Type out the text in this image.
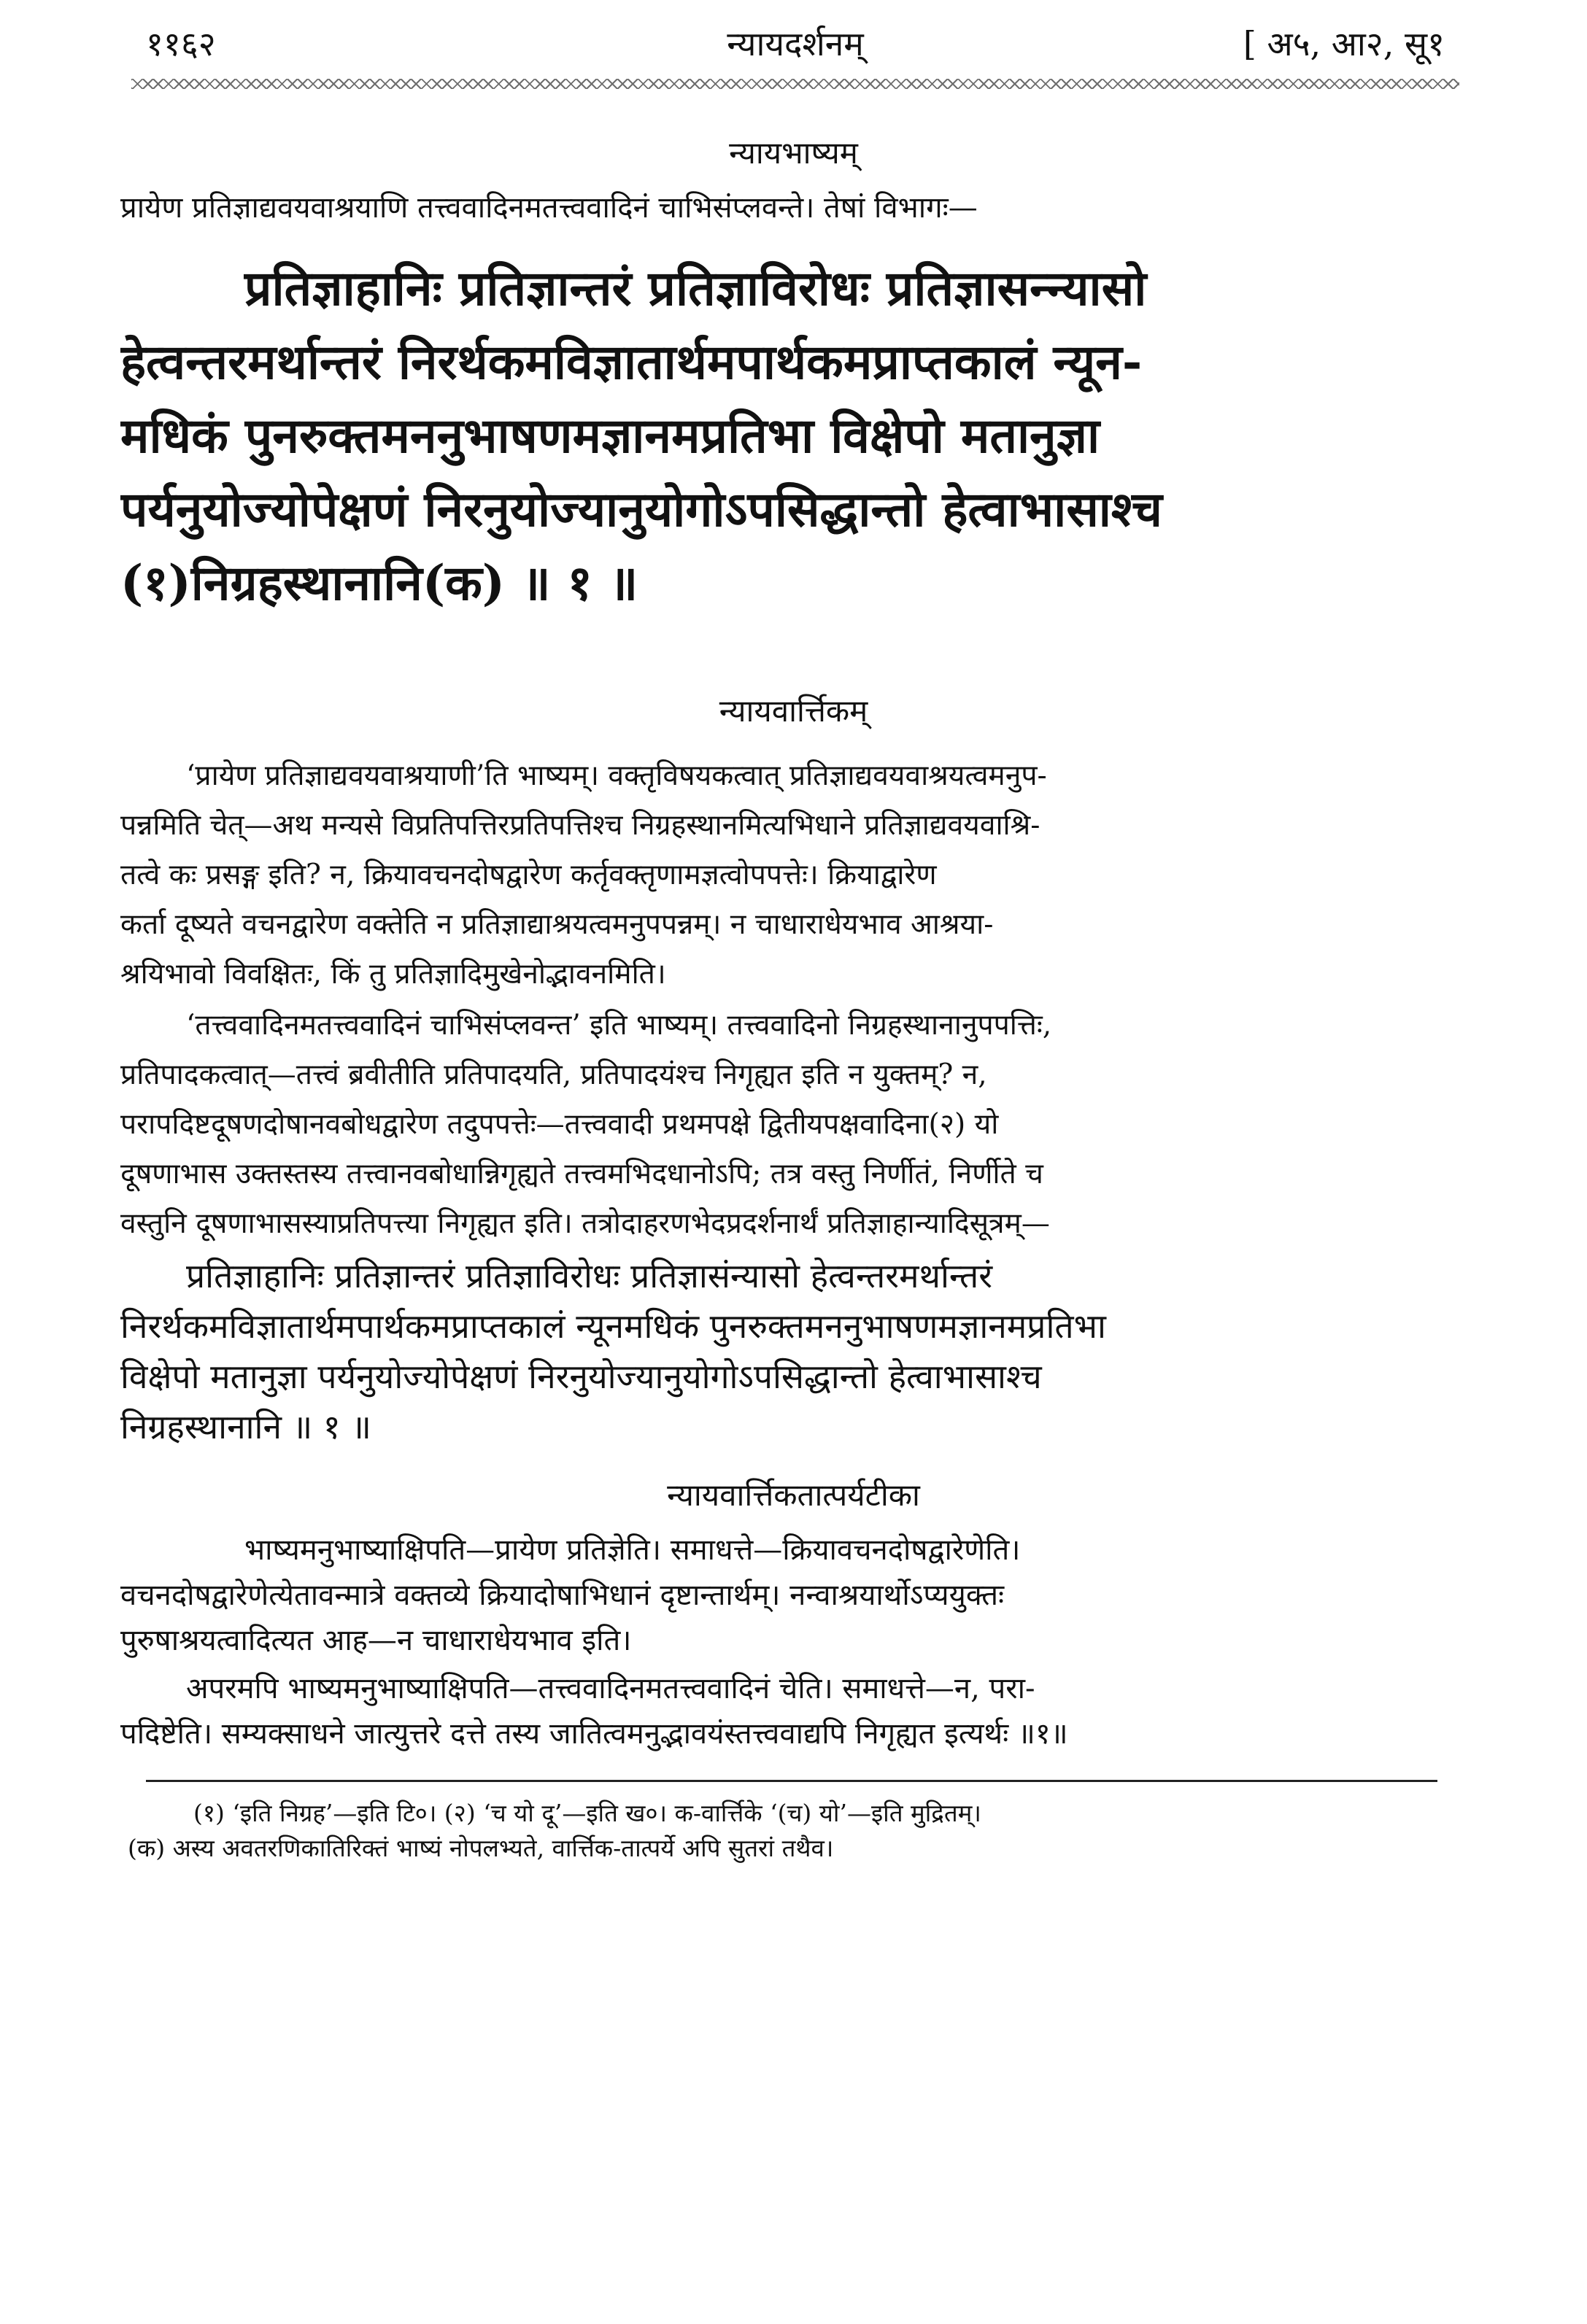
११६२	न्यायदर्शनम्	[ अ५, आ२, सू१
न्यायभाष्यम्

प्रायेण प्रतिज्ञाद्यवयवाश्रयाणि तत्त्ववादिनमतत्त्ववादिनं चाभिसंप्लवन्ते। तेषां विभागः—

प्रतिज्ञाहानिः प्रतिज्ञान्तरं प्रतिज्ञाविरोधः प्रतिज्ञासन्न्यासो

हेत्वन्तरमर्थान्तरं निरर्थकमविज्ञातार्थमपार्थकमप्राप्तकालं न्यून-

मधिकं पुनरुक्तमननुभाषणमज्ञानमप्रतिभा विक्षेपो मतानुज्ञा

पर्यनुयोज्योपेक्षणं निरनुयोज्यानुयोगोऽपसिद्धान्तो हेत्वाभासाश्च

(१)निग्रहस्थानानि(क) ॥ १ ॥

न्यायवार्त्तिकम्

‘प्रायेण प्रतिज्ञाद्यवयवाश्रयाणी’ति भाष्यम्। वक्तृविषयकत्वात् प्रतिज्ञाद्यवयवाश्रयत्वमनुप-

पन्नमिति चेत्—अथ मन्यसे विप्रतिपत्तिरप्रतिपत्तिश्च निग्रहस्थानमित्यभिधाने प्रतिज्ञाद्यवयवाश्रि-

तत्वे कः प्रसङ्ग इति? न, क्रियावचनदोषद्वारेण कर्तृवक्तृणामज्ञत्वोपपत्तेः। क्रियाद्वारेण

कर्ता दूष्यते वचनद्वारेण वक्तेति न प्रतिज्ञाद्याश्रयत्वमनुपपन्नम्। न चाधाराधेयभाव आश्रया-

श्रयिभावो विवक्षितः, किं तु प्रतिज्ञादिमुखेनोद्भावनमिति।

‘तत्त्ववादिनमतत्त्ववादिनं चाभिसंप्लवन्त’ इति भाष्यम्। तत्त्ववादिनो निग्रहस्थानानुपपत्तिः,

प्रतिपादकत्वात्—तत्त्वं ब्रवीतीति प्रतिपादयति, प्रतिपादयंश्च निगृह्यत इति न युक्तम्? न,

परापदिष्टदूषणदोषानवबोधद्वारेण तदुपपत्तेः—तत्त्ववादी प्रथमपक्षे द्वितीयपक्षवादिना(२) यो

दूषणाभास उक्तस्तस्य तत्त्वानवबोधान्निगृह्यते तत्त्वमभिदधानोऽपि; तत्र वस्तु निर्णीतं, निर्णीते च

वस्तुनि दूषणाभासस्याप्रतिपत्त्या निगृह्यत इति। तत्रोदाहरणभेदप्रदर्शनार्थं प्रतिज्ञाहान्यादिसूत्रम्—

प्रतिज्ञाहानिः प्रतिज्ञान्तरं प्रतिज्ञाविरोधः प्रतिज्ञासंन्यासो हेत्वन्तरमर्थान्तरं

निरर्थकमविज्ञातार्थमपार्थकमप्राप्तकालं न्यूनमधिकं पुनरुक्तमननुभाषणमज्ञानमप्रतिभा

विक्षेपो मतानुज्ञा पर्यनुयोज्योपेक्षणं निरनुयोज्यानुयोगोऽपसिद्धान्तो हेत्वाभासाश्च

निग्रहस्थानानि ॥ १ ॥

न्यायवार्त्तिकतात्पर्यटीका

भाष्यमनुभाष्याक्षिपति—प्रायेण प्रतिज्ञेति। समाधत्ते—क्रियावचनदोषद्वारेणेति।

वचनदोषद्वारेणेत्येतावन्मात्रे वक्तव्ये क्रियादोषाभिधानं दृष्टान्तार्थम्। नन्वाश्रयार्थोऽप्ययुक्तः

पुरुषाश्रयत्वादित्यत आह—न चाधाराधेयभाव इति।

अपरमपि भाष्यमनुभाष्याक्षिपति—तत्त्ववादिनमतत्त्ववादिनं चेति। समाधत्ते—न, परा-

पदिष्टेति। सम्यक्साधने जात्युत्तरे दत्ते तस्य जातित्वमनुद्भावयंस्तत्त्ववाद्यपि निगृह्यत इत्यर्थः ॥१॥

(१) ‘इति निग्रह’—इति टि०। (२) ‘च यो दू’—इति ख०। क-वार्त्तिके ‘(च) यो’—इति मुद्रितम्।

(क) अस्य अवतरणिकातिरिक्तं भाष्यं नोपलभ्यते, वार्त्तिक-तात्पर्ये अपि सुतरां तथैव।
